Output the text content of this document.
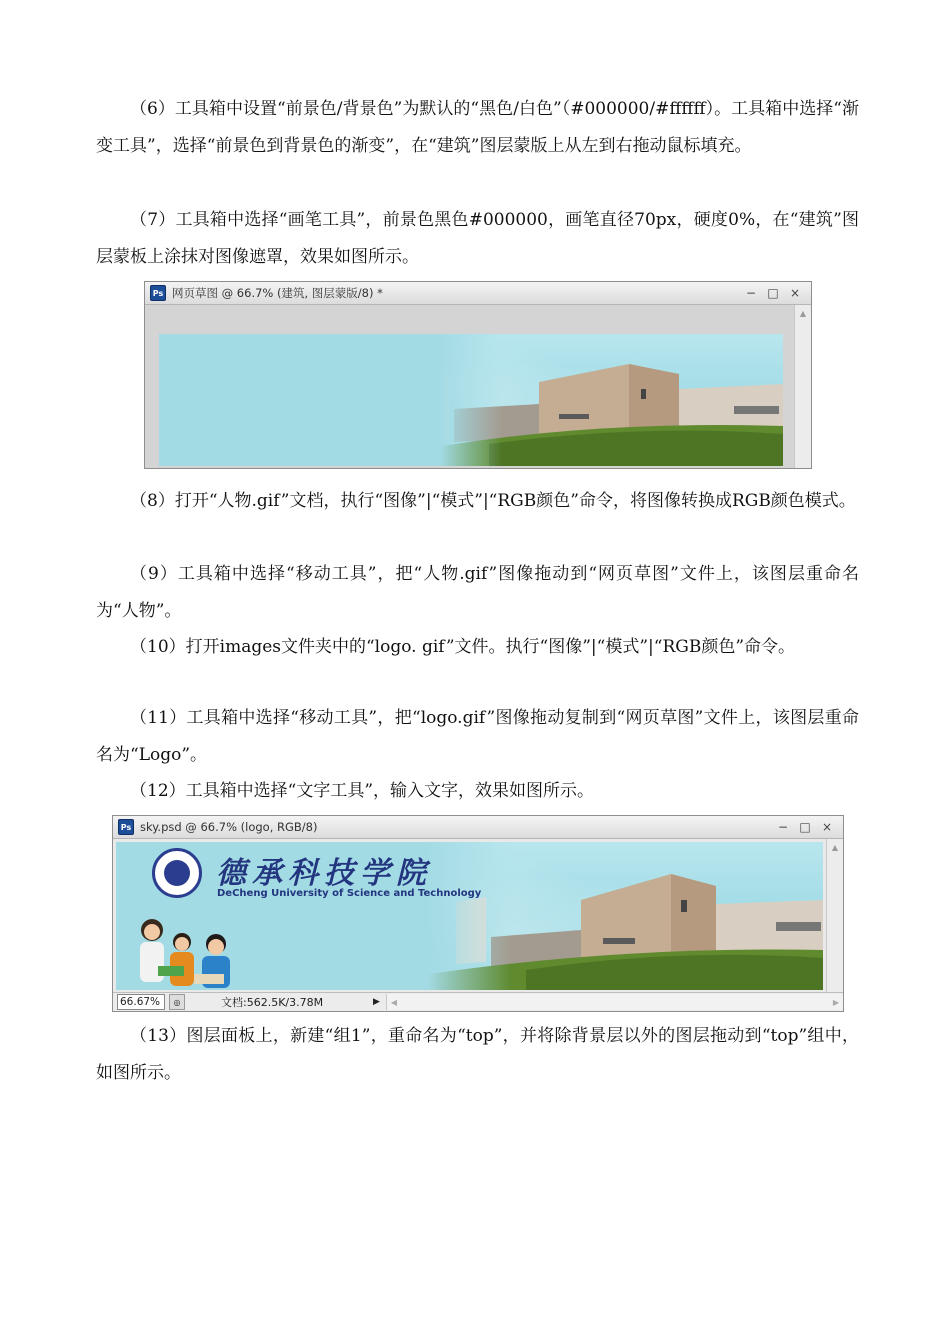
（6）工具箱中设置“前景色/背景色”为默认的“黑色/白色”（#000000/#ffffff）。工具箱中选择“渐变工具”，选择“前景色到背景色的渐变”，在“建筑”图层蒙版上从左到右拖动鼠标填充。

（7）工具箱中选择“画笔工具”，前景色黑色#000000，画笔直径70px，硬度0%，在“建筑”图层蒙板上涂抹对图像遮罩，效果如图所示。

Ps 网页草图 @ 66.7% (建筑, 图层蒙版/8) *	− □ ×
▲

（8）打开“人物.gif”文档，执行“图像”|“模式”|“RGB颜色”命令，将图像转换成RGB颜色模式。

（9）工具箱中选择“移动工具”，把“人物.gif”图像拖动到“网页草图”文件上，该图层重命名为“人物”。

（10）打开images文件夹中的“logo. gif”文件。执行“图像”|“模式”|“RGB颜色”命令。

（11）工具箱中选择“移动工具”，把“logo.gif”图像拖动复制到“网页草图”文件上，该图层重命名为“Logo”。

（12）工具箱中选择“文字工具”，输入文字，效果如图所示。

Ps sky.psd @ 66.7% (logo, RGB/8)	− □ ×
▲
德承科技学院
DeCheng University of Science and Technology
66.67%	◎	文档:562.5K/3.78M	▶ ◀	▶

（13）图层面板上，新建“组1”，重命名为“top”，并将除背景层以外的图层拖动到“top”组中，如图所示。
